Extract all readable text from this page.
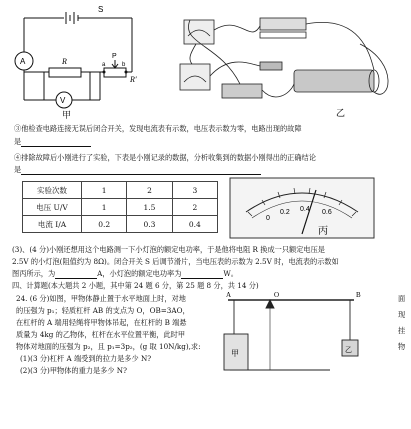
A
V
R
R′
S
P
a	b
甲	乙
③他检查电路连接无误后闭合开关，发现电流表有示数，电压表示数为零，电路出现的故障
是
④排除故障后小刚进行了实验，下表是小刚记录的数据，分析收集到的数据小刚得出的正确结论
是
实验次数	1	2	3
电压 U/V	1	1.5	2
电流 I/A	0.2	0.3	0.4
0
0.2 0.4 0.6
丙
(3)、(4 分)小刚还想用这个电路测一下小灯泡的额定电功率，于是他将电阻 R 换成一只额定电压是
2.5V 的小灯泡(阻值约为 8Ω)。闭合开关 S 后调节滑片，当电压表的示数为 2.5V 时，电流表的示数如
图丙所示，为	A，小灯泡的额定电功率为	W。
四、计算题(本大题共 2 小题，其中第 24 题 6 分，第 25 题 8 分，共 14 分)
24. (6 分)如图，甲物体静止置于水平地面上时，对地
的压强为 p₁；轻质杠杆 AB 的支点为 O，OB=3AO，
在杠杆的 A 端用轻绳将甲物体吊起，在杠杆的 B 端悬
质量为 4kg 的乙物体，杠杆在水平位置平衡，此时甲
物体对地面的压强为 p₂，且 p₁=3p₂，(g 取 10N/kg),求:
(1)(3 分)杠杆 A 端受到的拉力是多少 N?
(2)(3 分)甲物体的重力是多少 N?
面
现
挂
物
A	O	B
甲	乙
